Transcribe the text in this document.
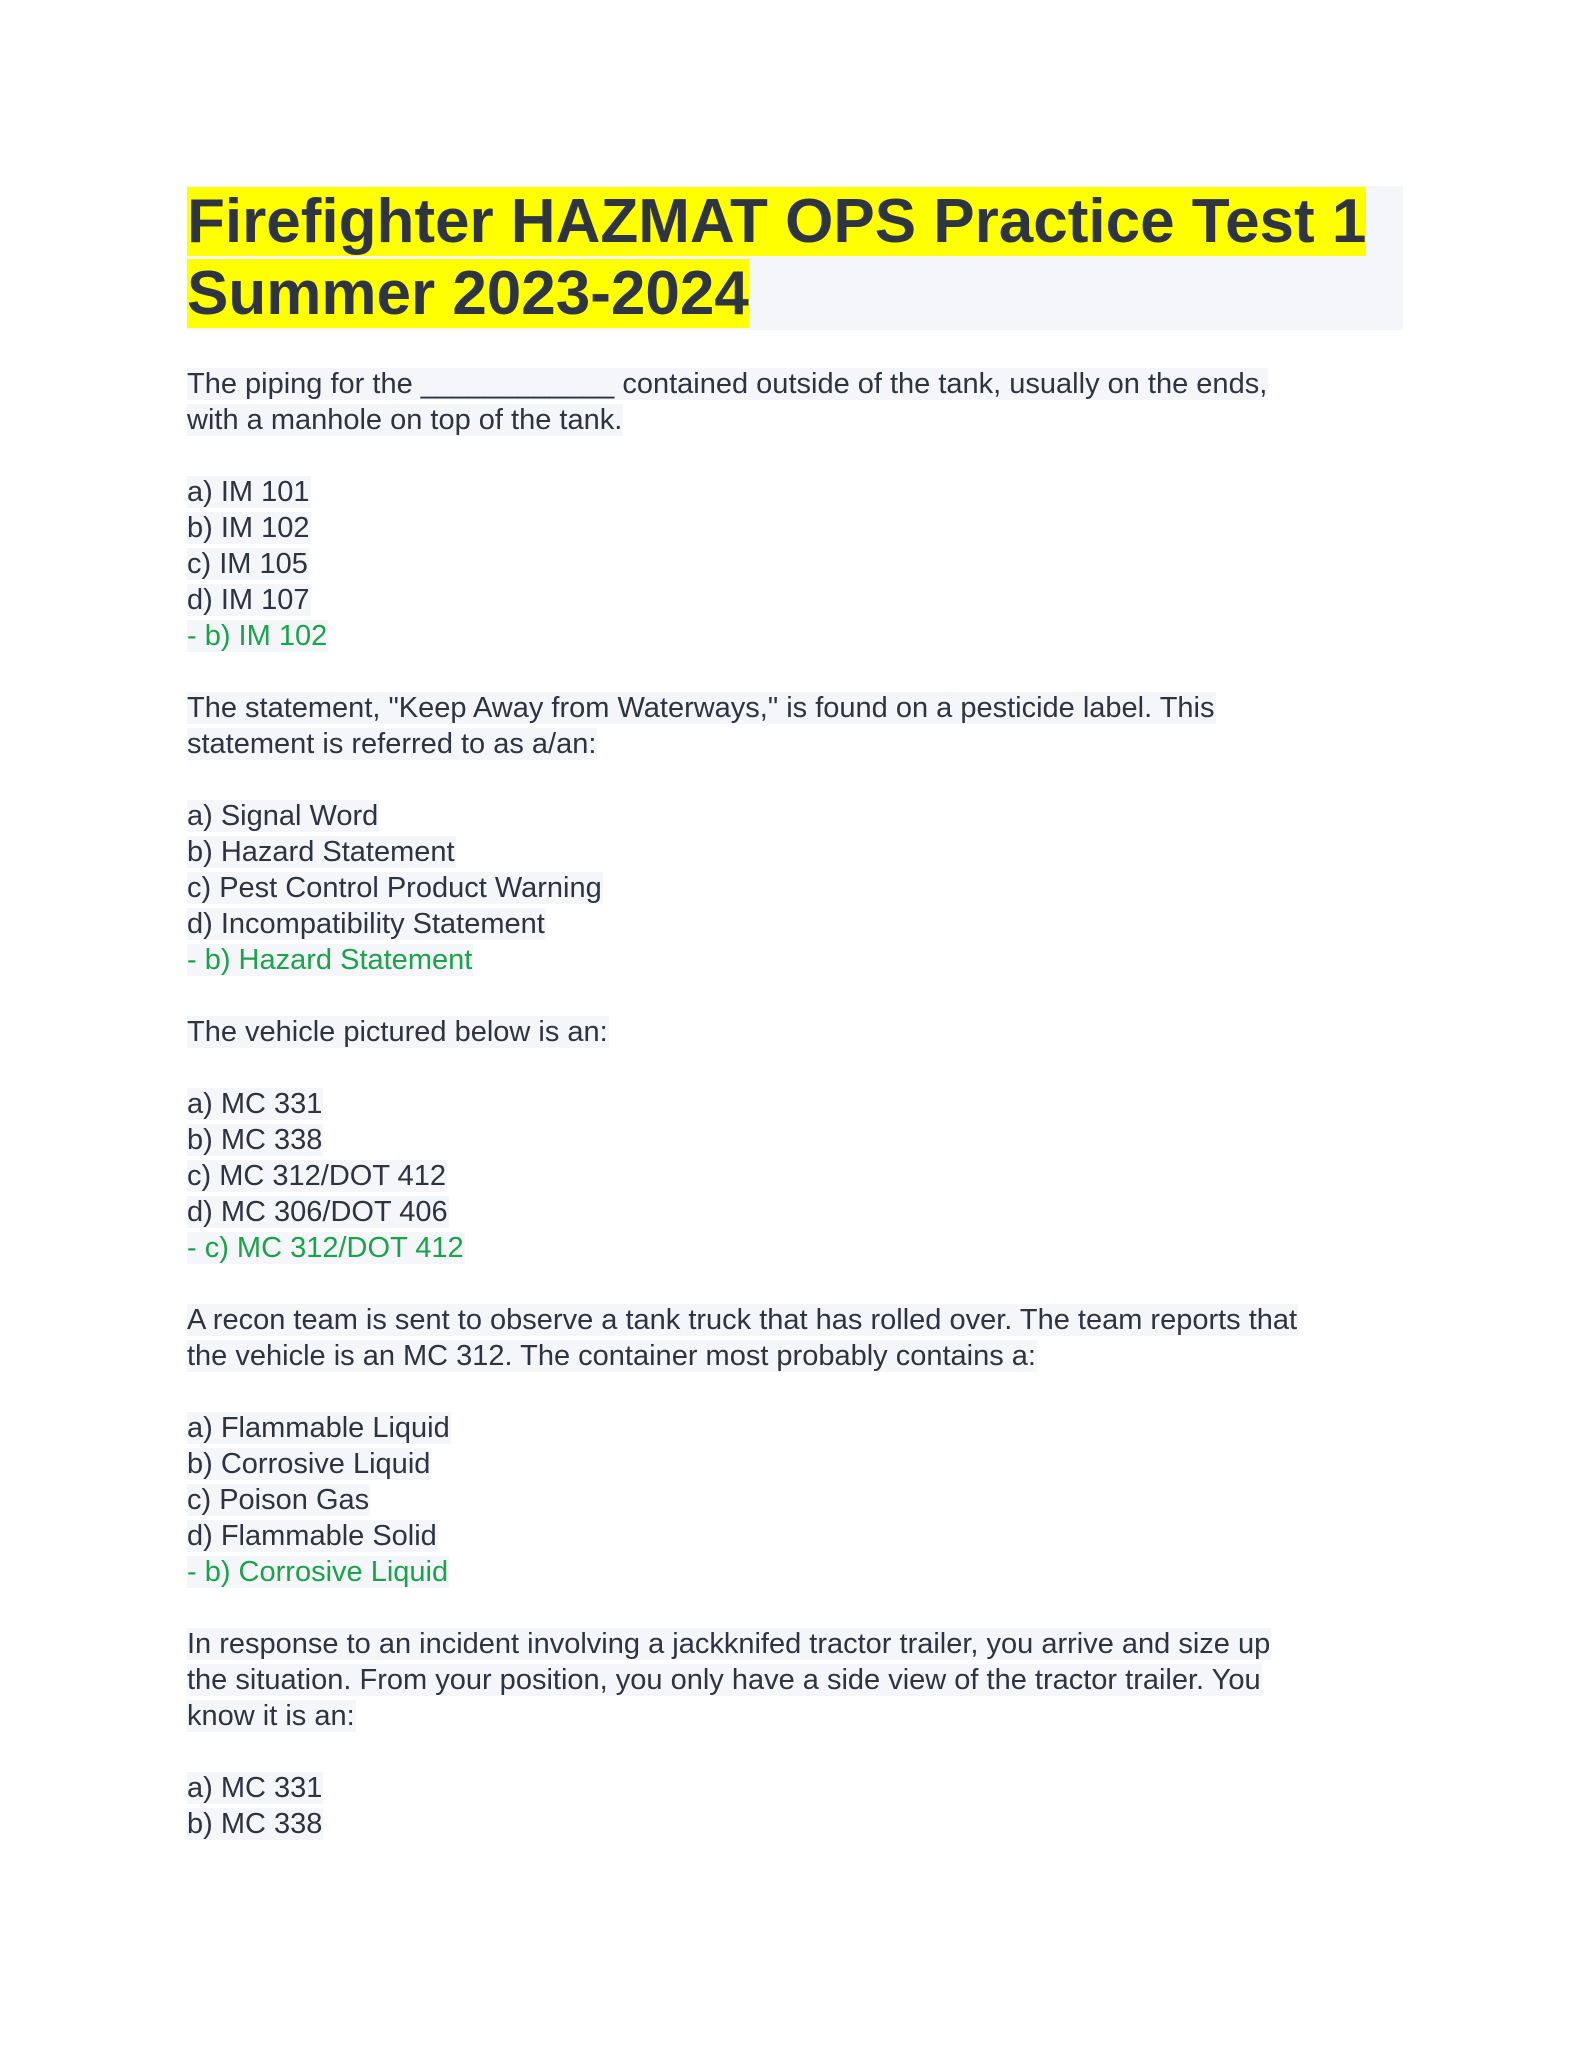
Firefighter HAZMAT OPS Practice Test 1
Summer 2023-2024
The piping for the ____________ contained outside of the tank, usually on the ends,
with a manhole on top of the tank.
a) IM 101
b) IM 102
c) IM 105
d) IM 107
- b) IM 102
The statement, "Keep Away from Waterways," is found on a pesticide label. This
statement is referred to as a/an:
a) Signal Word
b) Hazard Statement
c) Pest Control Product Warning
d) Incompatibility Statement
- b) Hazard Statement
The vehicle pictured below is an:
a) MC 331
b) MC 338
c) MC 312/DOT 412
d) MC 306/DOT 406
- c) MC 312/DOT 412
A recon team is sent to observe a tank truck that has rolled over. The team reports that
the vehicle is an MC 312. The container most probably contains a:
a) Flammable Liquid
b) Corrosive Liquid
c) Poison Gas
d) Flammable Solid
- b) Corrosive Liquid
In response to an incident involving a jackknifed tractor trailer, you arrive and size up
the situation. From your position, you only have a side view of the tractor trailer. You
know it is an:
a) MC 331
b) MC 338
